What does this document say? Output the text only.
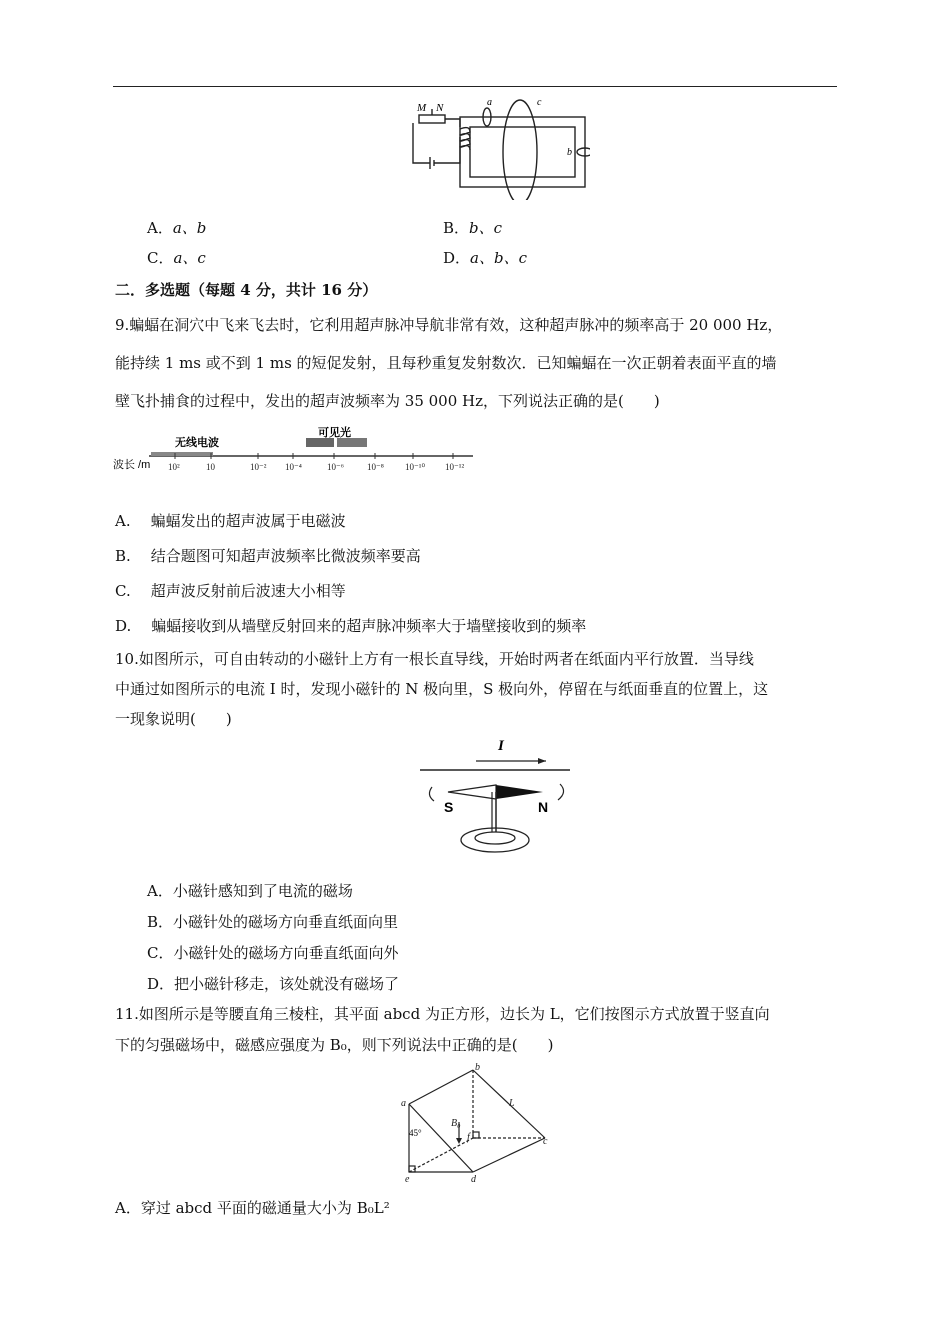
M N	a	c
b
A．a、b	B．b、c
C．a、c	D．a、b、c
二．多选题（每题 4 分，共计 16 分）
9.蝙蝠在洞穴中飞来飞去时，它利用超声脉冲导航非常有效，这种超声脉冲的频率高于 20 000 Hz，
能持续 1 ms 或不到 1 ms 的短促发射，且每秒重复发射数次．已知蝙蝠在一次正朝着表面平直的墙
壁飞扑捕食的过程中，发出的超声波频率为 35 000 Hz，下列说法正确的是(　　)
无线电波
可见光
波长 /m 10²	10	10⁻² 10⁻⁴	10⁻⁶	10⁻⁸ 10⁻¹⁰ 10⁻¹²
A. 蝙蝠发出的超声波属于电磁波
B. 结合题图可知超声波频率比微波频率要高
C. 超声波反射前后波速大小相等
D. 蝙蝠接收到从墙壁反射回来的超声脉冲频率大于墙壁接收到的频率
10.如图所示，可自由转动的小磁针上方有一根长直导线，开始时两者在纸面内平行放置．当导线
中通过如图所示的电流 I 时，发现小磁针的 N 极向里，S 极向外，停留在与纸面垂直的位置上，这
一现象说明(　　)
I
S	N
A．小磁针感知到了电流的磁场
B．小磁针处的磁场方向垂直纸面向里
C．小磁针处的磁场方向垂直纸面向外
D．把小磁针移走，该处就没有磁场了
11.如图所示是等腰直角三棱柱，其平面 abcd 为正方形，边长为 L，它们按图示方式放置于竖直向
下的匀强磁场中，磁感应强度为 B₀，则下列说法中正确的是(　　)
a
b
c
d
e
f
L
B₀
45°
A．穿过 abcd 平面的磁通量大小为 B₀L²
